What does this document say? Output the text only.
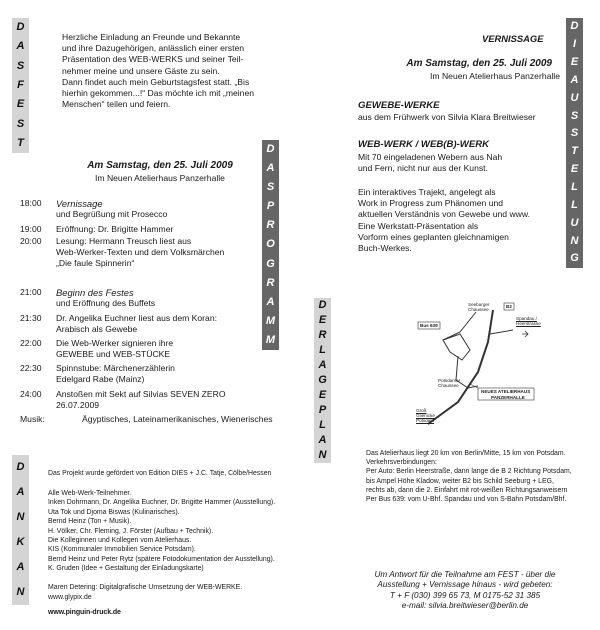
D
A
S
F
E
S
T
D
A
S
P
R
O
G
R
A
M
M
D
I
E
A
U
S
S
T
E
L
L
U
N
G
D
E
R
L
A
G
E
P
L
A
N
D
A
N
K
A
N
Herzliche Einladung an Freunde und Bekannte
und ihre Dazugehörigen, anlässlich einer ersten
Präsentation des WEB-WERKS und seiner Teil-
nehmer meine und unsere Gäste zu sein.
Dann findet auch mein Geburtstagsfest statt. „Bis
hierhin gekommen...!“ Das möchte ich mit „meinen
Menschen“ teilen und feiern.
Am Samstag, den 25. Juli 2009
Im Neuen Atelierhaus Panzerhalle
18:00	Vernissage
und Begrüßung mit Prosecco
19:00	Eröffnung: Dr. Brigitte Hammer
20:00	Lesung: Hermann Treusch liest aus
Web-Werker-Texten und dem Volksmärchen
„Die faule Spinnerin“
21:00	Beginn des Festes
und Eröffnung des Buffets
21:30	Dr. Angelika Euchner liest aus dem Koran:
Arabisch als Gewebe
22:00	Die Web-Werker signieren ihre
GEWEBE und WEB-STÜCKE
22:30	Spinnstube: Märchenerzählerin
Edelgard Rabe (Mainz)
24:00	Anstoßen mit Sekt auf Silvias SEVEN ZERO
26.07.2009
Musik:	Ägyptisches, Lateinamerikanisches, Wienerisches
VERNISSAGE
Am Samstag, den 25. Juli 2009
Im Neuen Atelierhaus Panzerhalle
GEWEBE-WERKE
aus dem Frühwerk von Silvia Klara Breitwieser
WEB-WERK / WEB(B)-WERK
Mit 70 eingeladenen Webern aus Nah
und Fern, nicht nur aus der Kunst.
Ein interaktives Trajekt, angelegt als
Work in Progress zum Phänomen und
aktuellen Verständnis von Gewebe und www.
Eine Werkstatt-Präsentation als
Vorform eines geplanten gleichnamigen
Buch-Werkes.
Seeburger Chaussee
B2
Spandau / Heerstrasse
Bus 639
Potsdamer Chaussee
NEUES ATELIERHAUS
PANZERHALLE
Groß Glienicke Potsdam
Das Atelierhaus liegt 20 km von Berlin/Mitte, 15 km von Potsdam.
Verkehrsverbindungen:
Per Auto: Berlin Heerstraße, dann lange die B 2 Richtung Potsdam,
bis Ampel Höhe Kladow, weiter B2 bis Schild Seeburg + LEG,
rechts ab, dann die 2. Einfahrt mit rot-weißen Richtungsanweisern
Per Bus 639: vom U-Bhf. Spandau und von S-Bahn Potsdam/Bhf.
Das Projekt wurde gefördert von Edition DIES + J.C. Tatje, Cölbe/Hessen
Alle Web-Werk-Teilnehmer.
Inken Dohrmann, Dr. Angelika Euchner, Dr. Brigitte Hammer (Ausstellung).
Uta Tok und Djoma Biswas (Kulinarisches).
Bernd Heinz (Ton + Musik).
H. Völker, Chr. Fleming, J. Förster (Aufbau + Technik).
Die Kolleginnen und Kollegen vom Atelierhaus.
KIS (Kommunaler Immobilien Service Potsdam).
Bernd Heinz und Peter Rytz (spätere Fotodokumentation der Ausstellung).
K. Gruden (Idee + Gestaltung der Einladungskarte)
Maren Detering: Digitalgrafische Umsetzung der WEB-WERKE.
www.glypix.de
www.pinguin-druck.de
Um Antwort für die Teilnahme am FEST - über die
Ausstellung + Vernissage hinaus - wird gebeten:
T + F (030) 399 65 73, M 0175-52 31 385
e-mail: silvia.breitwieser@berlin.de
